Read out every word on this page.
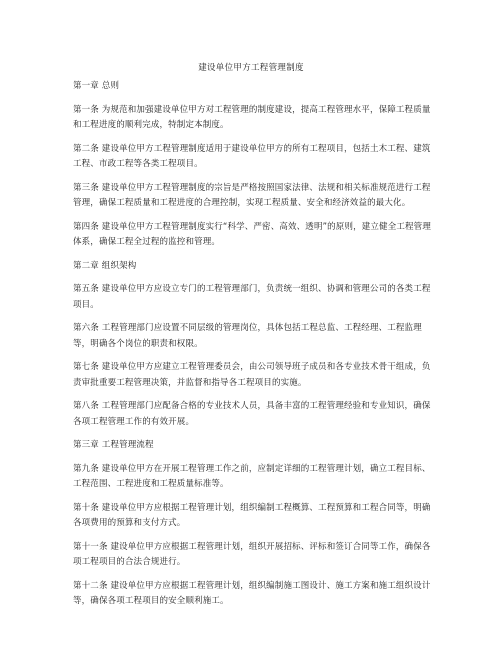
建设单位甲方工程管理制度

第一章 总则

第一条 为规范和加强建设单位甲方对工程管理的制度建设，提高工程管理水平，保障工程质量和工程进度的顺利完成，特制定本制度。

第二条 建设单位甲方工程管理制度适用于建设单位甲方的所有工程项目，包括土木工程、建筑工程、市政工程等各类工程项目。

第三条 建设单位甲方工程管理制度的宗旨是严格按照国家法律、法规和相关标准规范进行工程管理，确保工程质量和工程进度的合理控制，实现工程质量、安全和经济效益的最大化。

第四条 建设单位甲方工程管理制度实行“科学、严密、高效、透明”的原则，建立健全工程管理体系，确保工程全过程的监控和管理。

第二章 组织架构

第五条 建设单位甲方应设立专门的工程管理部门，负责统一组织、协调和管理公司的各类工程项目。

第六条 工程管理部门应设置不同层级的管理岗位，具体包括工程总监、工程经理、工程监理等，明确各个岗位的职责和权限。

第七条 建设单位甲方应建立工程管理委员会，由公司领导班子成员和各专业技术骨干组成，负责审批重要工程管理决策，并监督和指导各工程项目的实施。

第八条 工程管理部门应配备合格的专业技术人员，具备丰富的工程管理经验和专业知识，确保各项工程管理工作的有效开展。

第三章 工程管理流程

第九条 建设单位甲方在开展工程管理工作之前，应制定详细的工程管理计划，确立工程目标、工程范围、工程进度和工程质量标准等。

第十条 建设单位甲方应根据工程管理计划，组织编制工程概算、工程预算和工程合同等，明确各项费用的预算和支付方式。

第十一条 建设单位甲方应根据工程管理计划，组织开展招标、评标和签订合同等工作，确保各项工程项目的合法合规进行。

第十二条 建设单位甲方应根据工程管理计划，组织编制施工图设计、施工方案和施工组织设计等，确保各项工程项目的安全顺利施工。
